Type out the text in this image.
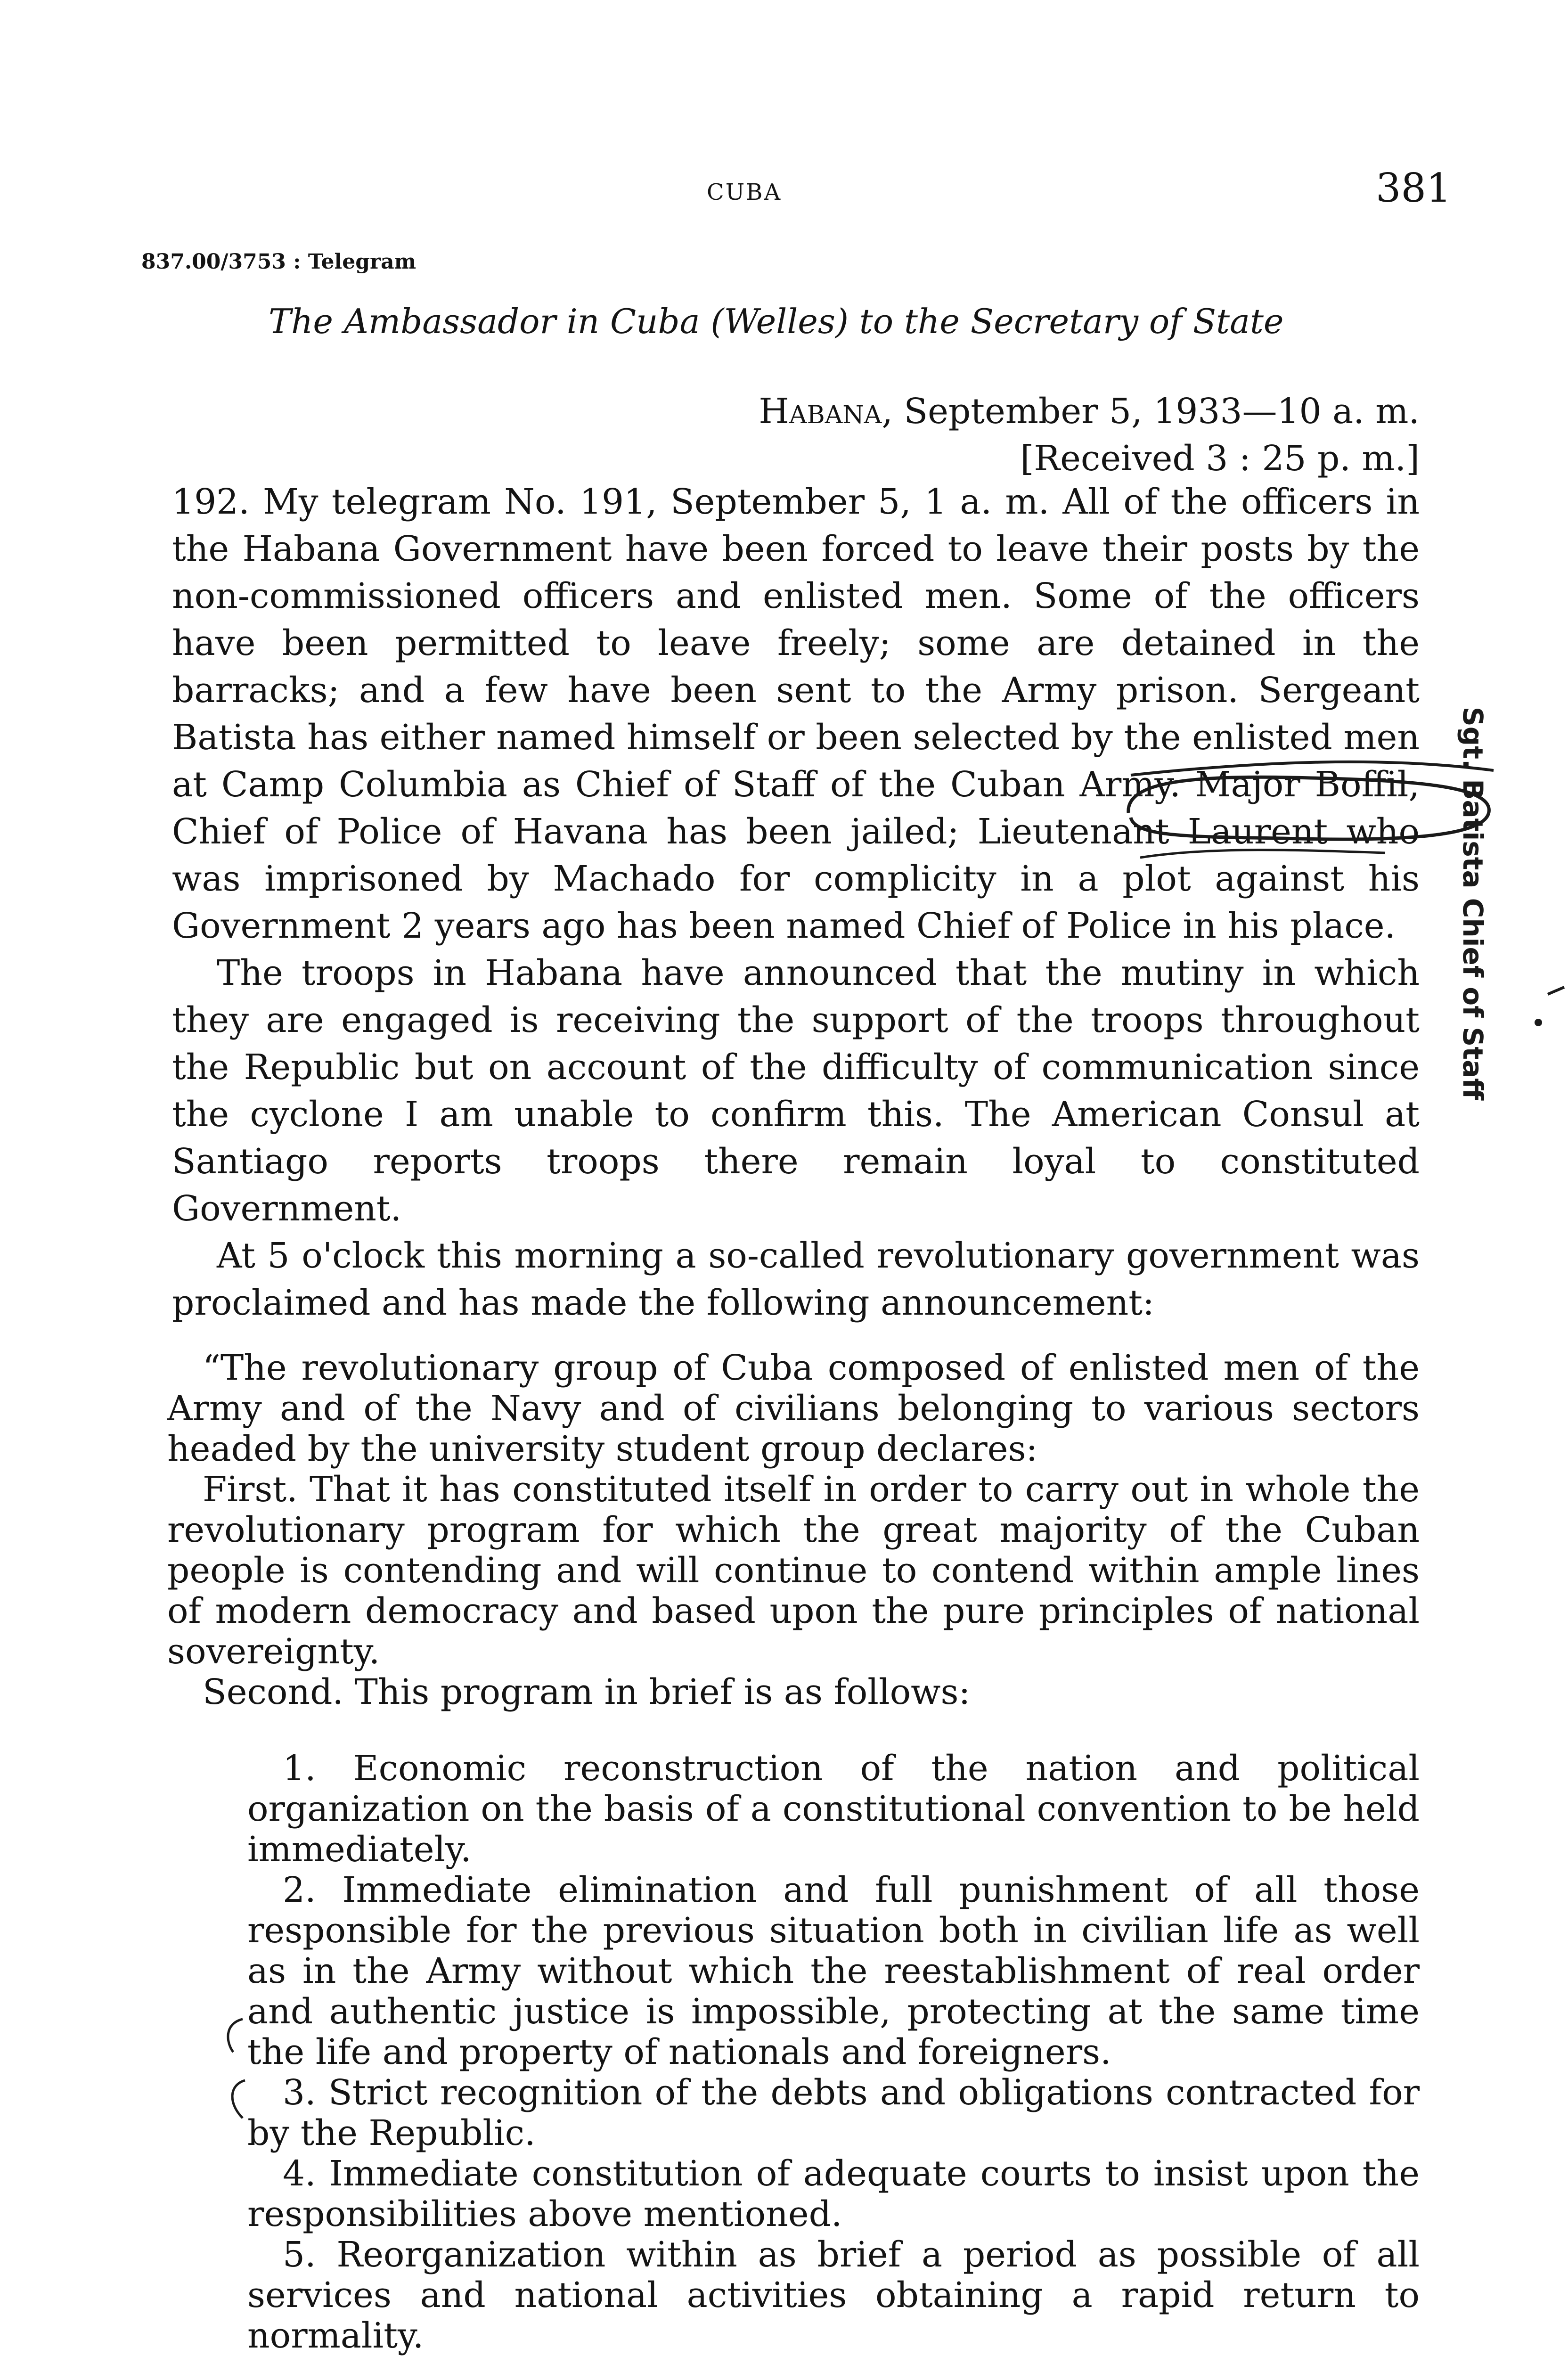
CUBA	381
837.00/3753 : Telegram
The Ambassador in Cuba (Welles) to the Secretary of State
Habana, September 5, 1933—10 a. m.
[Received 3 : 25 p. m.]

192. My telegram No. 191, September 5, 1 a. m. All of the officers in the Habana Government have been forced to leave their posts by the non-commissioned officers and enlisted men. Some of the officers have been permitted to leave freely; some are detained in the barracks; and a few have been sent to the Army prison. Sergeant Batista has either named himself or been selected by the enlisted men at Camp Columbia as Chief of Staff of the Cuban Army. Major Boffil, Chief of Police of Havana has been jailed; Lieutenant Laurent who was imprisoned by Machado for complicity in a plot against his Government 2 years ago has been named Chief of Police in his place.

The troops in Habana have announced that the mutiny in which they are engaged is receiving the support of the troops throughout the Republic but on account of the difficulty of communication since the cyclone I am unable to confirm this. The American Consul at Santiago reports troops there remain loyal to constituted Government.

At 5 o'clock this morning a so-called revolutionary government was proclaimed and has made the following announcement:

“The revolutionary group of Cuba composed of enlisted men of the Army and of the Navy and of civilians belonging to various sectors headed by the university student group declares:

First. That it has constituted itself in order to carry out in whole the revolutionary program for which the great majority of the Cuban people is contending and will continue to contend within ample lines of modern democracy and based upon the pure principles of national sovereignty.

Second. This program in brief is as follows:

1. Economic reconstruction of the nation and political organization on the basis of a constitutional convention to be held immediately.

2. Immediate elimination and full punishment of all those responsible for the previous situation both in civilian life as well as in the Army without which the reestablishment of real order and authentic justice is impossible, protecting at the same time the life and property of nationals and foreigners.

3. Strict recognition of the debts and obligations contracted for by the Republic.

4. Immediate constitution of adequate courts to insist upon the responsibilities above mentioned.

5. Reorganization within as brief a period as possible of all services and national activities obtaining a rapid return to normality.

Sgt. Batista Chief of Staff
